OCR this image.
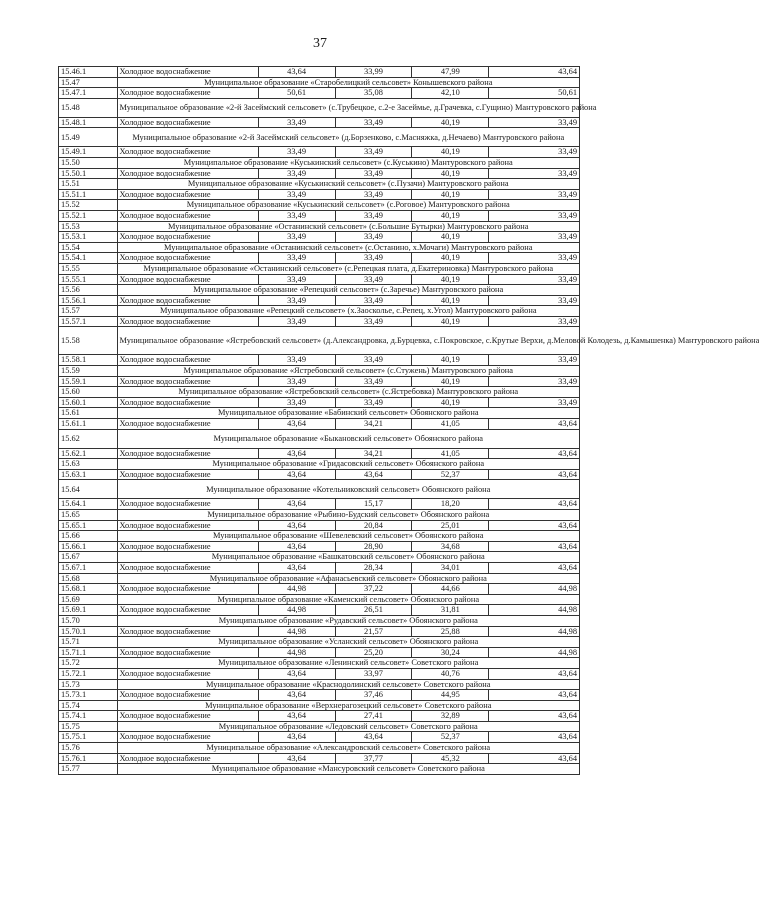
37
15.46.1	Холодное водоснабжение	43,64	33,99	47,99	43,64
15.47	Муниципальное образование «Старобелицкий сельсовет» Конышевского района				
15.47.1	Холодное водоснабжение	50,61	35,08	42,10	50,61
15.48	Муниципальное образование «2-й Засеймский сельсовет» (с.Трубецкое, с.2-е Засеймье, д.Грачевка, с.Гущино) Мантуровского района				
15.48.1	Холодное водоснабжение	33,49	33,49	40,19	33,49
15.49	Муниципальное образование «2-й Засеймский сельсовет» (д.Борзенково, с.Масняжка, д.Нечаево) Мантуровского района				
15.49.1	Холодное водоснабжение	33,49	33,49	40,19	33,49
15.50	Муниципальное образование «Куськинский сельсовет» (с.Куськино) Мантуровского района				
15.50.1	Холодное водоснабжение	33,49	33,49	40,19	33,49
15.51	Муниципальное образование «Куськинский сельсовет» (с.Пузачи) Мантуровского района				
15.51.1	Холодное водоснабжение	33,49	33,49	40,19	33,49
15.52	Муниципальное образование «Куськинский сельсовет» (с.Роговое) Мантуровского района				
15.52.1	Холодное водоснабжение	33,49	33,49	40,19	33,49
15.53	Муниципальное образование «Останинский сельсовет» (с.Большие Бутырки) Мантуровского района				
15.53.1	Холодное водоснабжение	33,49	33,49	40,19	33,49
15.54	Муниципальное образование «Останинский сельсовет» (с.Останино, х.Мочаги) Мантуровского района				
15.54.1	Холодное водоснабжение	33,49	33,49	40,19	33,49
15.55	Муниципальное образование «Останинский сельсовет» (с.Репецкая плата, д.Екатериновка) Мантуровского района				
15.55.1	Холодное водоснабжение	33,49	33,49	40,19	33,49
15.56	Муниципальное образование «Репецкий сельсовет» (с.Заречье) Мантуровского района				
15.56.1	Холодное водоснабжение	33,49	33,49	40,19	33,49
15.57	Муниципальное образование «Репецкий сельсовет» (х.Заосколье, с.Репец, х.Угол) Мантуровского района				
15.57.1	Холодное водоснабжение	33,49	33,49	40,19	33,49
15.58	Муниципальное образование «Ястребовский сельсовет» (д.Александровка, д.Бурцевка, с.Покровское, с.Крутые Верхи, д.Меловой Колодезь, д.Камышенка) Мантуровского района				
15.58.1	Холодное водоснабжение	33,49	33,49	40,19	33,49
15.59	Муниципальное образование «Ястребовский сельсовет» (с.Стужень) Мантуровского района				
15.59.1	Холодное водоснабжение	33,49	33,49	40,19	33,49
15.60	Муниципальное образование «Ястребовский сельсовет» (с.Ястребовка) Мантуровского района				
15.60.1	Холодное водоснабжение	33,49	33,49	40,19	33,49
15.61	Муниципальное образование «Бабинский сельсовет» Обоянского района				
15.61.1	Холодное водоснабжение	43,64	34,21	41,05	43,64
15.62	Муниципальное образование «Быкановский сельсовет» Обоянского района				
15.62.1	Холодное водоснабжение	43,64	34,21	41,05	43,64
15.63	Муниципальное образование «Гридасовский сельсовет» Обоянского района				
15.63.1	Холодное водоснабжение	43,64	43,64	52,37	43,64
15.64	Муниципальное образование «Котельниковский сельсовет» Обоянского района				
15.64.1	Холодное водоснабжение	43,64	15,17	18,20	43,64
15.65	Муниципальное образование «Рыбино-Будский сельсовет» Обоянского района				
15.65.1	Холодное водоснабжение	43,64	20,84	25,01	43,64
15.66	Муниципальное образование «Шевелевский сельсовет» Обоянского района				
15.66.1	Холодное водоснабжение	43,64	28,90	34,68	43,64
15.67	Муниципальное образование «Башкатовский сельсовет» Обоянского района				
15.67.1	Холодное водоснабжение	43,64	28,34	34,01	43,64
15.68	Муниципальное образование «Афанасьевский сельсовет» Обоянского района				
15.68.1	Холодное водоснабжение	44,98	37,22	44,66	44,98
15.69	Муниципальное образование «Каменский сельсовет» Обоянского района				
15.69.1	Холодное водоснабжение	44,98	26,51	31,81	44,98
15.70	Муниципальное образование «Рудавский сельсовет» Обоянского района				
15.70.1	Холодное водоснабжение	44,98	21,57	25,88	44,98
15.71	Муниципальное образование «Усланский сельсовет» Обоянского района				
15.71.1	Холодное водоснабжение	44,98	25,20	30,24	44,98
15.72	Муниципальное образование «Ленинский сельсовет» Советского района				
15.72.1	Холодное водоснабжение	43,64	33,97	40,76	43,64
15.73	Муниципальное образование «Краснодолинский сельсовет» Советского района				
15.73.1	Холодное водоснабжение	43,64	37,46	44,95	43,64
15.74	Муниципальное образование «Верхнерагозецкий сельсовет» Советского района				
15.74.1	Холодное водоснабжение	43,64	27,41	32,89	43,64
15.75	Муниципальное образование «Ледовский сельсовет» Советского района				
15.75.1	Холодное водоснабжение	43,64	43,64	52,37	43,64
15.76	Муниципальное образование «Александровский сельсовет» Советского района				
15.76.1	Холодное водоснабжение	43,64	37,77	45,32	43,64
15.77	Муниципальное образование «Мансуровский сельсовет» Советского района				
